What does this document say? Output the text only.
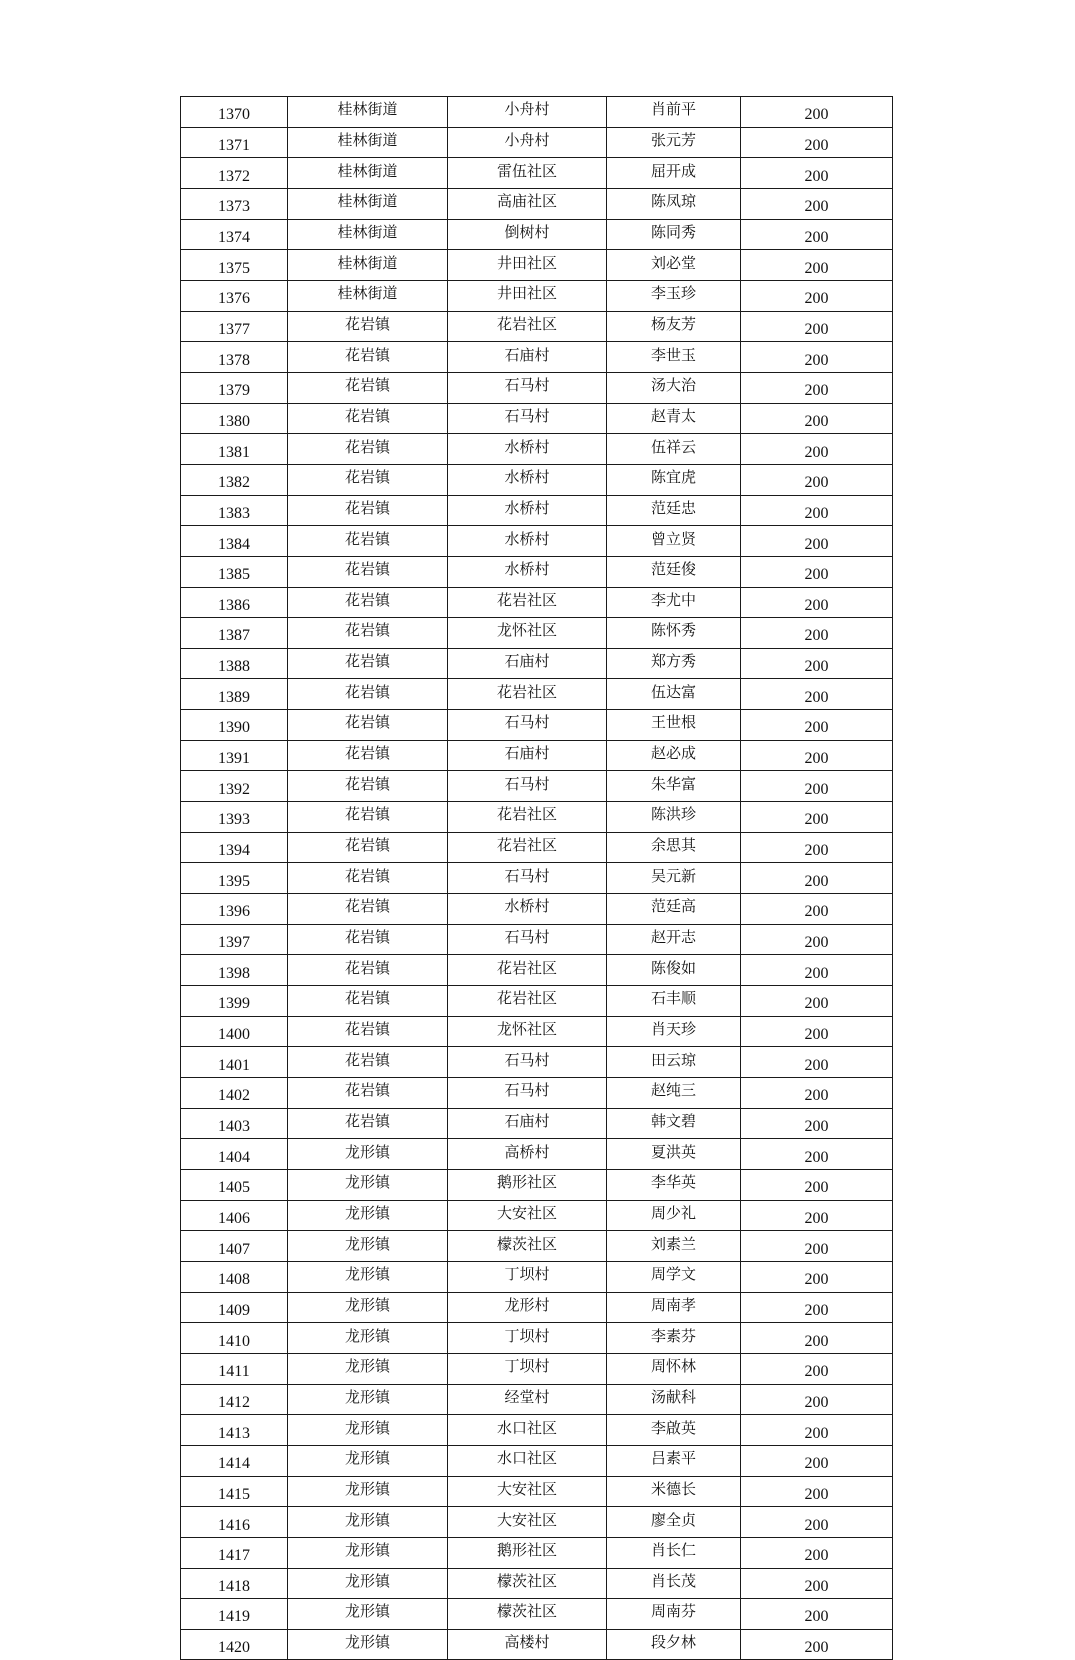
1370	桂林街道	小舟村	肖前平	200
1371	桂林街道	小舟村	张元芳	200
1372	桂林街道	雷伍社区	屈开成	200
1373	桂林街道	高庙社区	陈凤琼	200
1374	桂林街道	倒树村	陈同秀	200
1375	桂林街道	井田社区	刘必堂	200
1376	桂林街道	井田社区	李玉珍	200
1377	花岩镇	花岩社区	杨友芳	200
1378	花岩镇	石庙村	李世玉	200
1379	花岩镇	石马村	汤大治	200
1380	花岩镇	石马村	赵青太	200
1381	花岩镇	水桥村	伍祥云	200
1382	花岩镇	水桥村	陈宜虎	200
1383	花岩镇	水桥村	范廷忠	200
1384	花岩镇	水桥村	曾立贤	200
1385	花岩镇	水桥村	范廷俊	200
1386	花岩镇	花岩社区	李尤中	200
1387	花岩镇	龙怀社区	陈怀秀	200
1388	花岩镇	石庙村	郑方秀	200
1389	花岩镇	花岩社区	伍达富	200
1390	花岩镇	石马村	王世根	200
1391	花岩镇	石庙村	赵必成	200
1392	花岩镇	石马村	朱华富	200
1393	花岩镇	花岩社区	陈洪珍	200
1394	花岩镇	花岩社区	余思其	200
1395	花岩镇	石马村	吴元新	200
1396	花岩镇	水桥村	范廷高	200
1397	花岩镇	石马村	赵开志	200
1398	花岩镇	花岩社区	陈俊如	200
1399	花岩镇	花岩社区	石丰顺	200
1400	花岩镇	龙怀社区	肖天珍	200
1401	花岩镇	石马村	田云琼	200
1402	花岩镇	石马村	赵纯三	200
1403	花岩镇	石庙村	韩文碧	200
1404	龙形镇	高桥村	夏洪英	200
1405	龙形镇	鹅形社区	李华英	200
1406	龙形镇	大安社区	周少礼	200
1407	龙形镇	檬茨社区	刘素兰	200
1408	龙形镇	丁坝村	周学文	200
1409	龙形镇	龙形村	周南孝	200
1410	龙形镇	丁坝村	李素芬	200
1411	龙形镇	丁坝村	周怀林	200
1412	龙形镇	经堂村	汤献科	200
1413	龙形镇	水口社区	李啟英	200
1414	龙形镇	水口社区	吕素平	200
1415	龙形镇	大安社区	米德长	200
1416	龙形镇	大安社区	廖全贞	200
1417	龙形镇	鹅形社区	肖长仁	200
1418	龙形镇	檬茨社区	肖长茂	200
1419	龙形镇	檬茨社区	周南芬	200
1420	龙形镇	高楼村	段夕林	200
